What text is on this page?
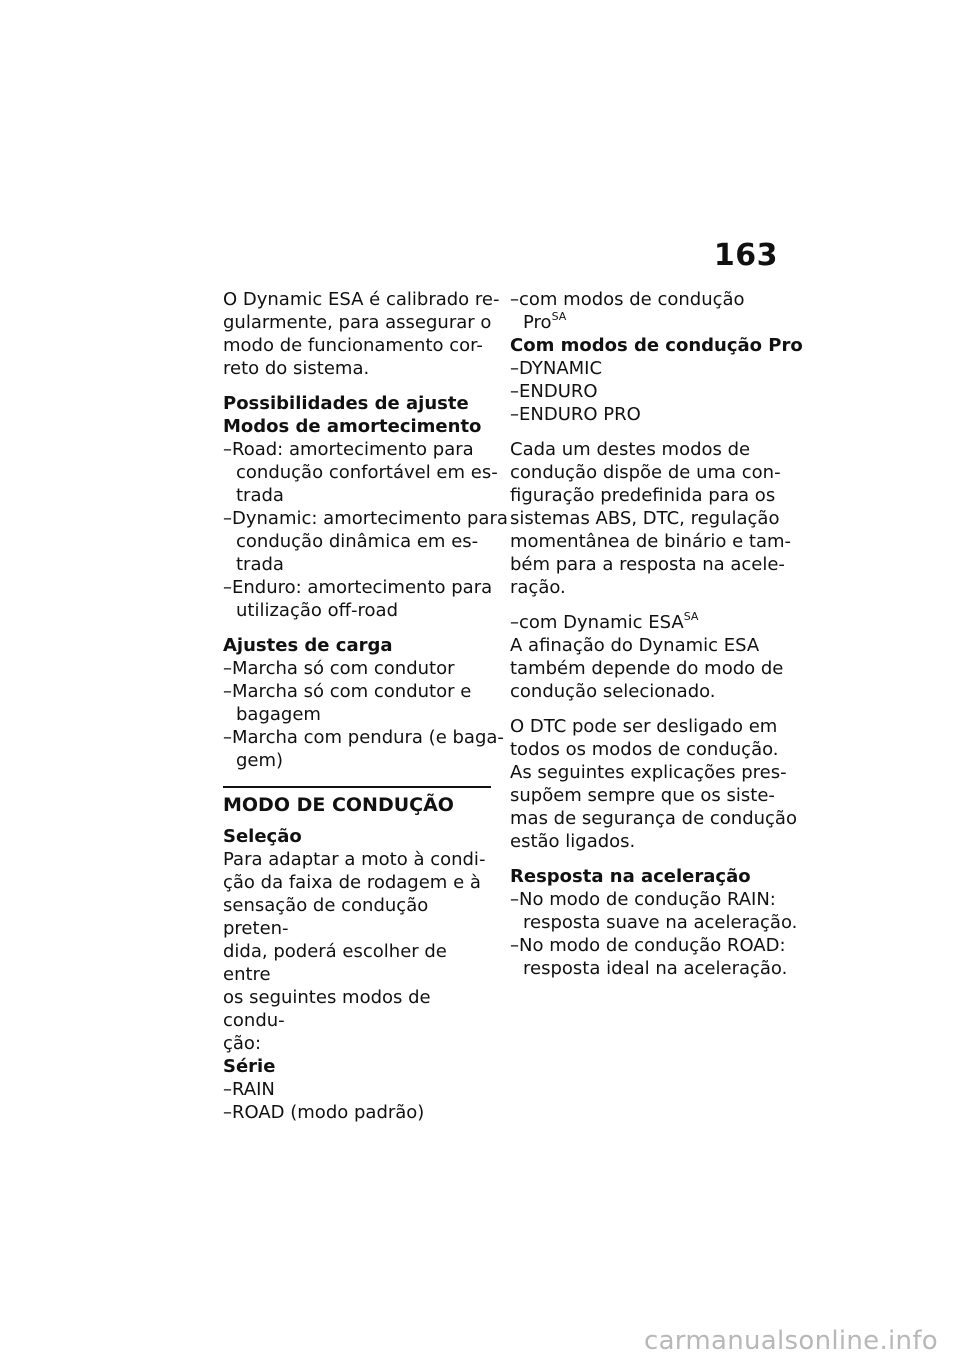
163
O Dynamic ESA é calibrado re-
gularmente, para assegurar o
modo de funcionamento cor-
reto do sistema.
Possibilidades de ajuste
Modos de amortecimento
–Road: amortecimento para
condução confortável em es-
trada
–Dynamic: amortecimento para
condução dinâmica em es-
trada
–Enduro: amortecimento para
utilização off-road
Ajustes de carga
–Marcha só com condutor
–Marcha só com condutor e
bagagem
–Marcha com pendura (e baga-
gem)
MODO DE CONDUÇÃO
Seleção
Para adaptar a moto à condi-
ção da faixa de rodagem e à
sensação de condução preten-
dida, poderá escolher de entre
os seguintes modos de condu-
ção:
Série
–RAIN
–ROAD (modo padrão)
–com modos de condução
Pro$^{SA}$
Com modos de condução Pro
–DYNAMIC
–ENDURO
–ENDURO PRO
Cada um destes modos de
condução dispõe de uma con-
figuração predefinida para os
sistemas ABS, DTC, regulação
momentânea de binário e tam-
bém para a resposta na acele-
ração.
–com Dynamic $ESA^{SA}$
A afinação do Dynamic ESA
também depende do modo de
condução selecionado.
O DTC pode ser desligado em
todos os modos de condução.
As seguintes explicações pres-
supõem sempre que os siste-
mas de segurança de condução
estão ligados.
Resposta na aceleração
–No modo de condução RAIN:
resposta suave na aceleração.
–No modo de condução ROAD:
resposta ideal na aceleração.
carmanualsonline.info
